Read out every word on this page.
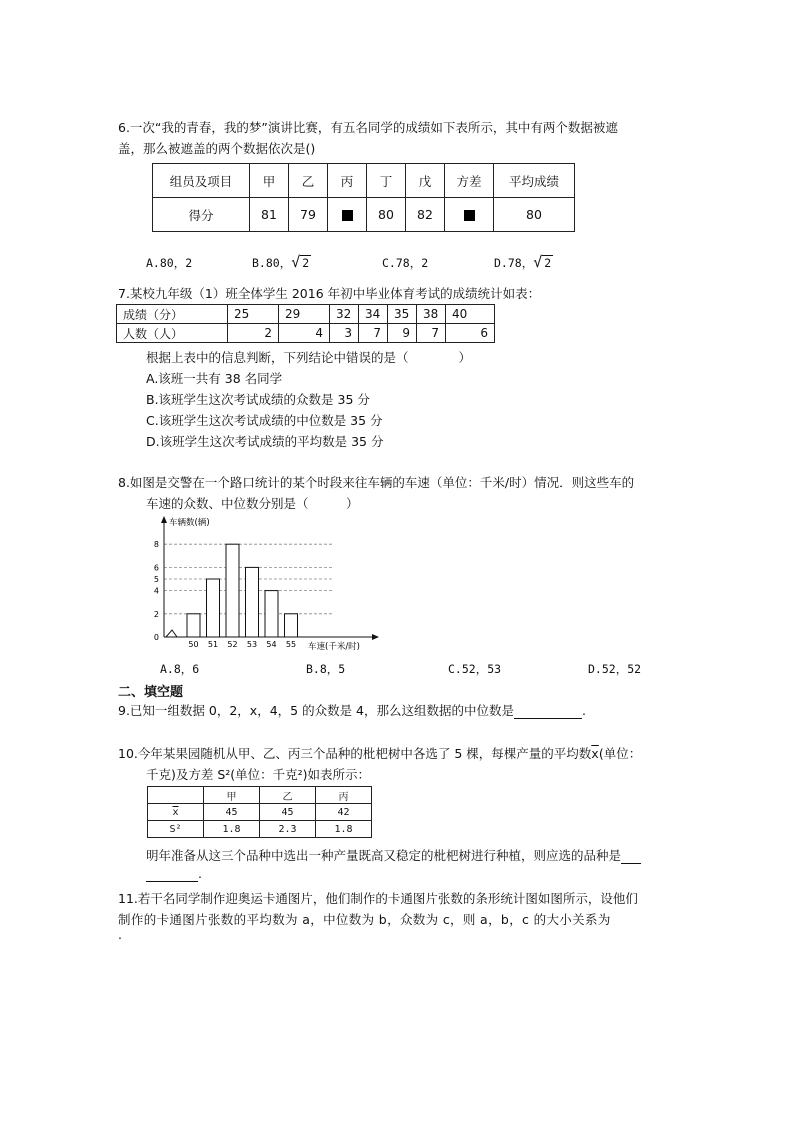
6.一次“我的青春，我的梦”演讲比赛，有五名同学的成绩如下表所示，其中有两个数据被遮
盖，那么被遮盖的两个数据依次是()
组员及项目	甲	乙	丙	丁	戊	方差	平均成绩
得分	81	79		80	82		80
A.80，2	B.80， √ 2	C.78，2	D.78， √ 2
7.某校九年级（1）班全体学生 2016 年初中毕业体育考试的成绩统计如表：
成绩（分）	25	29	32	34	35	38	40
人数（人）	2	4	3	7	9	7	6
根据上表中的信息判断，下列结论中错误的是（　　　　）
A.该班一共有 38 名同学
B.该班学生这次考试成绩的众数是 35 分
C.该班学生这次考试成绩的中位数是 35 分
D.该班学生这次考试成绩的平均数是 35 分
8.如图是交警在一个路口统计的某个时段来往车辆的车速（单位：千米/时）情况．则这些车的
车速的众数、中位数分别是（　　　）
0
2
4
5
6
8
50 51 52 53 54 55
车辆数(辆)
车速(千米/时)
A.8，6	B.8，5	C.52，53	D.52，52
二、填空题
9.已知一组数据 0，2，x，4，5 的众数是 4，那么这组数据的中位数是	.
10.今年某果园随机从甲、乙、丙三个品种的枇杷树中各选了 5 棵，每棵产量的平均数$\overline{x}$(单位：
千克)及方差 S²(单位：千克²)如表所示：
	甲	乙	丙
$\overline{x}$	45	45	42
S²	1.8	2.3	1.8
明年准备从这三个品种中选出一种产量既高又稳定的枇杷树进行种植，则应选的品种是
.
11.若干名同学制作迎奥运卡通图片，他们制作的卡通图片张数的条形统计图如图所示，设他们
制作的卡通图片张数的平均数为 a，中位数为 b，众数为 c，则 a，b，c 的大小关系为
.
